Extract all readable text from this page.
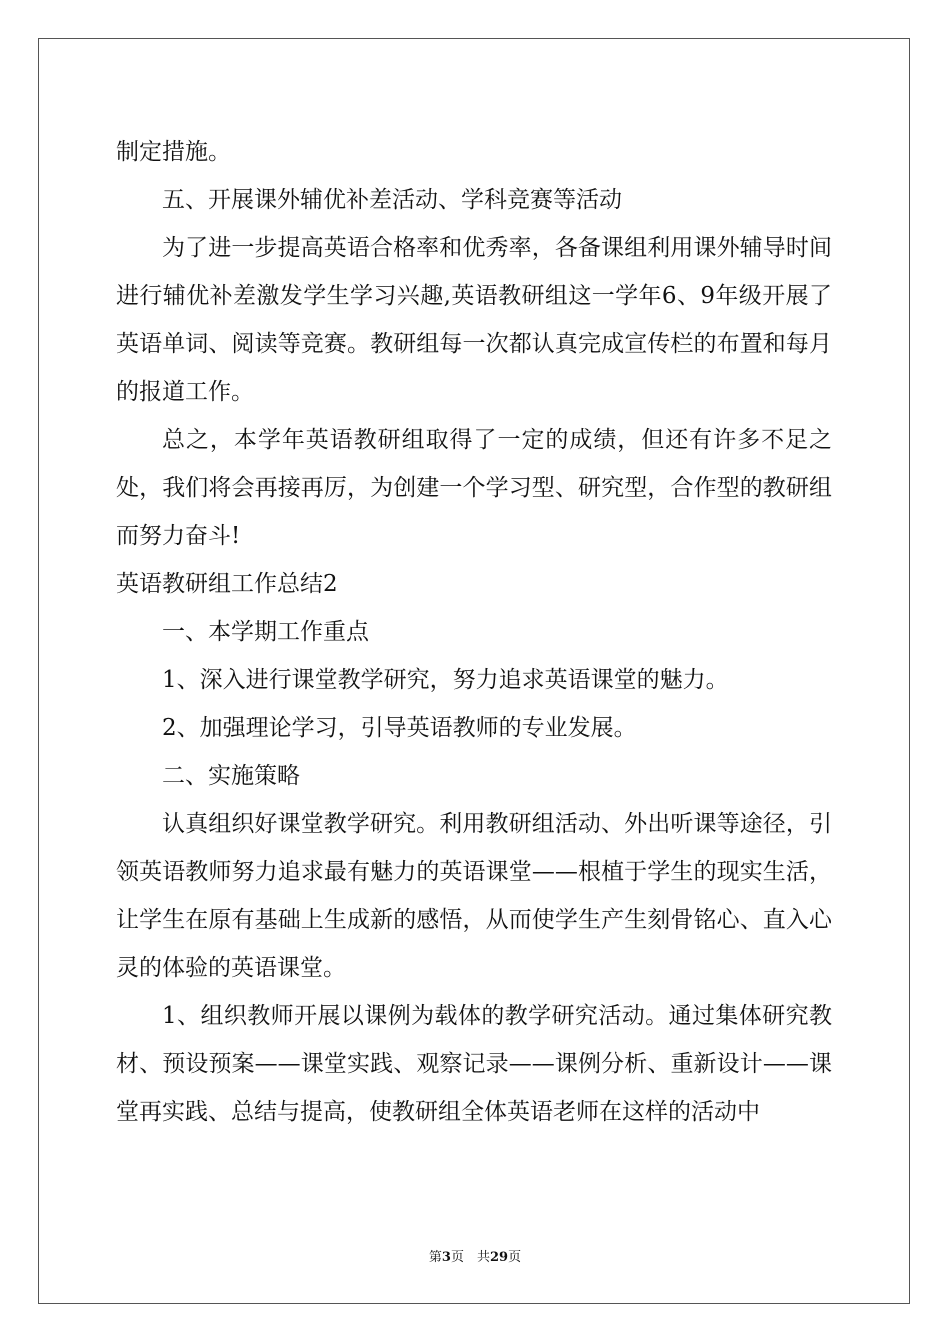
制定措施。

五、开展课外辅优补差活动、学科竞赛等活动

为了进一步提高英语合格率和优秀率，各备课组利用课外辅导时间进行辅优补差激发学生学习兴趣,英语教研组这一学年6、9年级开展了英语单词、阅读等竞赛。教研组每一次都认真完成宣传栏的布置和每月的报道工作。

总之，本学年英语教研组取得了一定的成绩，但还有许多不足之处，我们将会再接再厉，为创建一个学习型、研究型，合作型的教研组而努力奋斗!

英语教研组工作总结2

一、本学期工作重点

1、深入进行课堂教学研究，努力追求英语课堂的魅力。

2、加强理论学习，引导英语教师的专业发展。

二、实施策略

认真组织好课堂教学研究。利用教研组活动、外出听课等途径，引领英语教师努力追求最有魅力的英语课堂——根植于学生的现实生活，让学生在原有基础上生成新的感悟，从而使学生产生刻骨铭心、直入心灵的体验的英语课堂。

1、组织教师开展以课例为载体的教学研究活动。通过集体研究教材、预设预案——课堂实践、观察记录——课例分析、重新设计——课堂再实践、总结与提高，使教研组全体英语老师在这样的活动中

第3页　共29页
